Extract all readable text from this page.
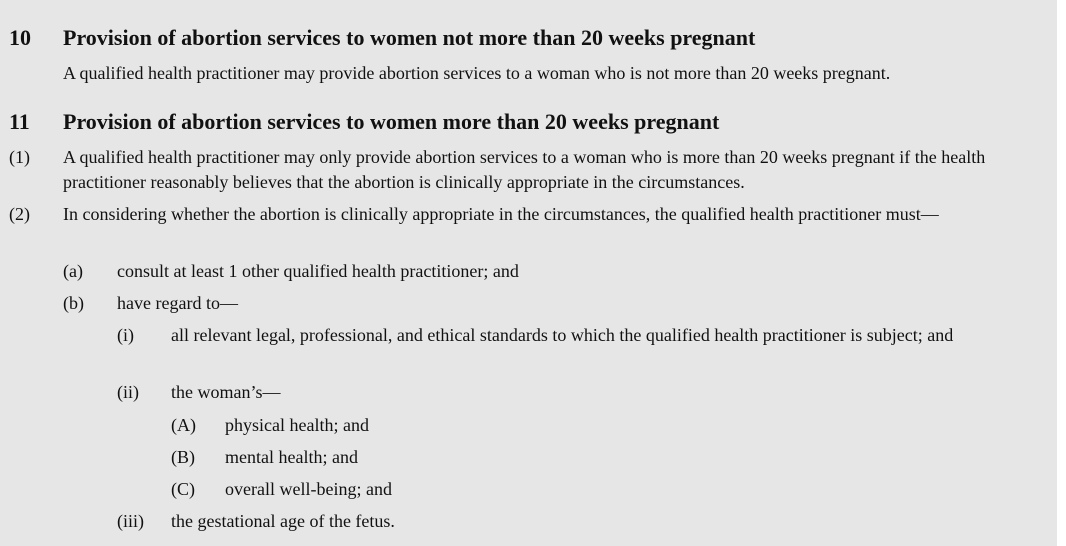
10 Provision of abortion services to women not more than 20 weeks pregnant
A qualified health practitioner may provide abortion services to a woman who is not more than 20 weeks pregnant.
11 Provision of abortion services to women more than 20 weeks pregnant
(1) A qualified health practitioner may only provide abortion services to a woman who is more than 20 weeks pregnant if the health practitioner reasonably believes that the abortion is clinically appropriate in the circumstances.
(2) In considering whether the abortion is clinically appropriate in the circumstances, the qualified health practitioner must—
(a) consult at least 1 other qualified health practitioner; and
(b) have regard to—
(i) all relevant legal, professional, and ethical standards to which the qualified health practitioner is subject; and
(ii) the woman’s—
(A) physical health; and
(B) mental health; and
(C) overall well-being; and
(iii) the gestational age of the fetus.
